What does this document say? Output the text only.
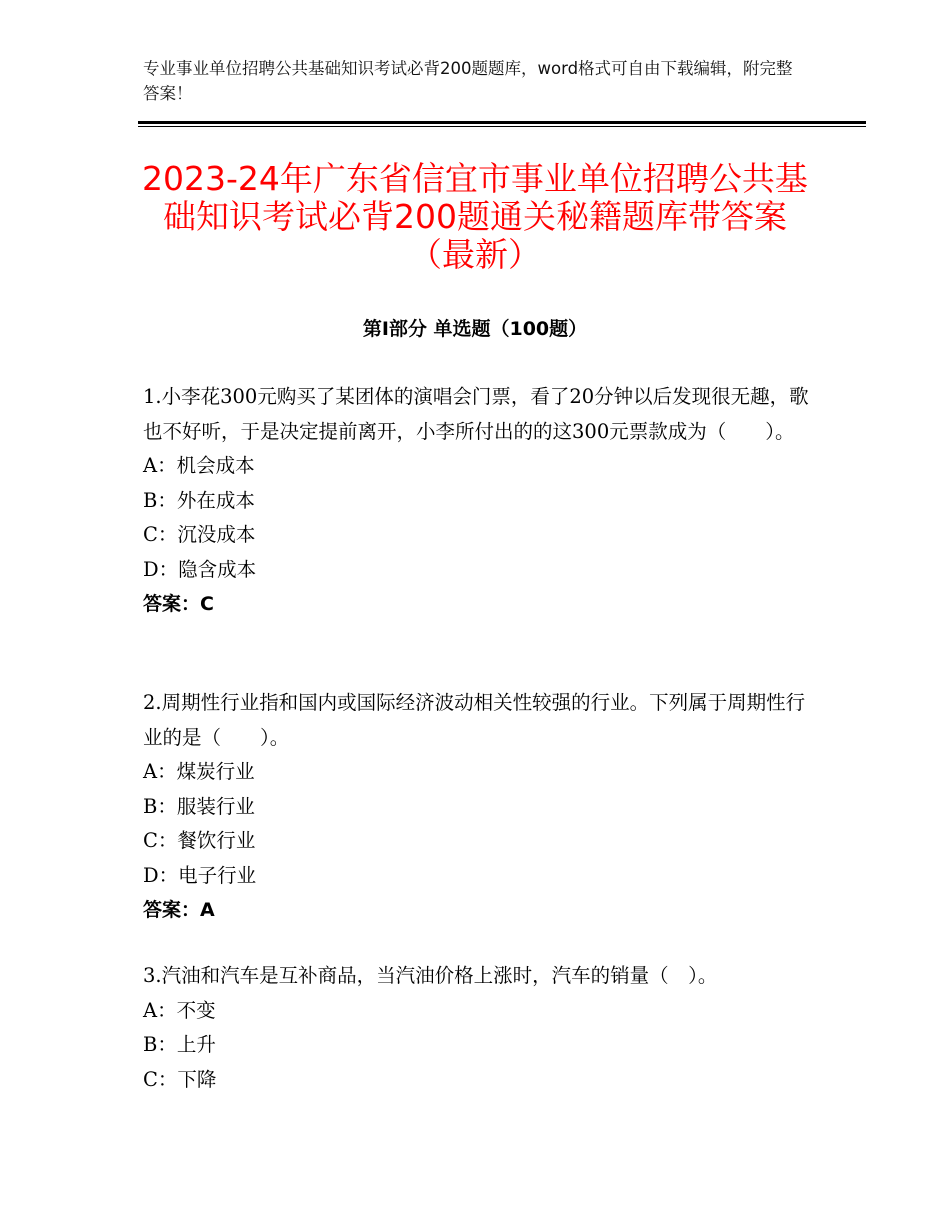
专业事业单位招聘公共基础知识考试必背200题题库，word格式可自由下载编辑，附完整答案！
2023-24年广东省信宜市事业单位招聘公共基础知识考试必背200题通关秘籍题库带答案（最新）
第Ⅰ部分 单选题（100题）
1.小李花300元购买了某团体的演唱会门票，看了20分钟以后发现很无趣，歌也不好听，于是决定提前离开，小李所付出的的这300元票款成为（　　）。
A：机会成本
B：外在成本
C：沉没成本
D：隐含成本
答案：C
2.周期性行业指和国内或国际经济波动相关性较强的行业。下列属于周期性行业的是（　　）。
A：煤炭行业
B：服装行业
C：餐饮行业
D：电子行业
答案：A
3.汽油和汽车是互补商品，当汽油价格上涨时，汽车的销量（　）。
A：不变
B：上升
C：下降
